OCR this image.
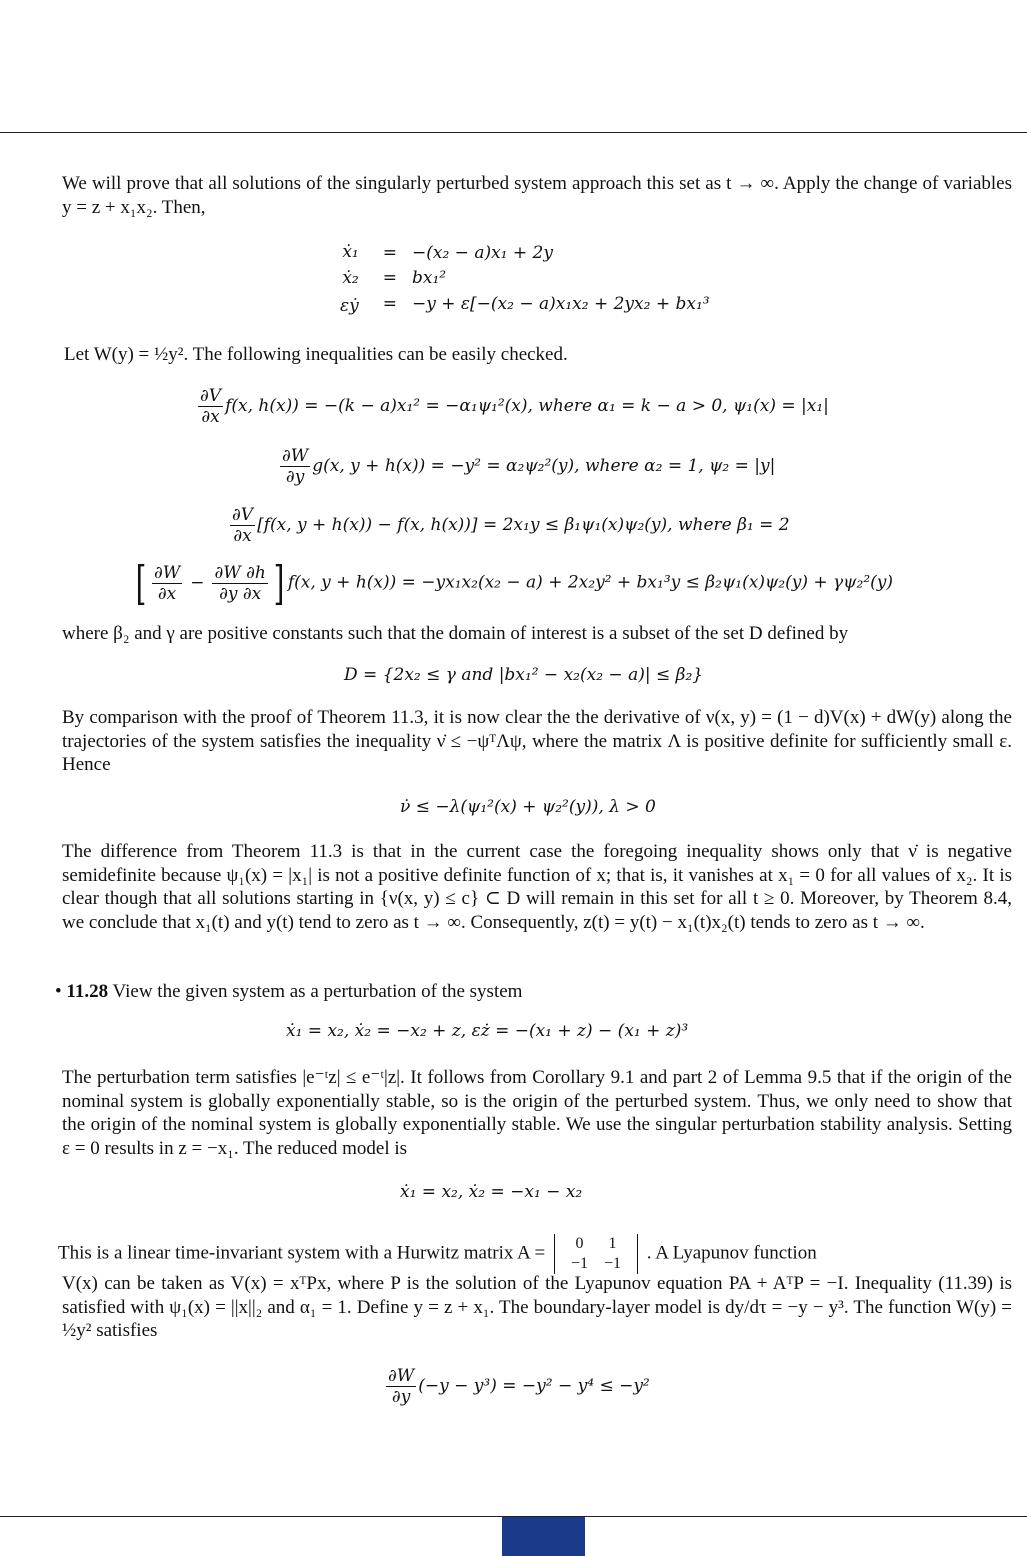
We will prove that all solutions of the singularly perturbed system approach this set as t → ∞. Apply the change of variables y = z + x₁x₂. Then,
ẋ₁	=	−(x₂ − a)x₁ + 2y
ẋ₂	=	bx₁²
εẏ	=	−y + ε[−(x₂ − a)x₁x₂ + 2yx₂ + bx₁³
Let W(y) = ½y². The following inequalities can be easily checked.
$\frac{\partial V}{\partial x} f(x$, h(x)) = −(k − a)x₁² = −α₁ψ₁²(x), where α₁ = k − a > 0, ψ₁(x) = |x₁|
$\frac{\partial W}{\partial y} g(x$, y + h(x)) = −y² = α₂ψ₂²(y), where α₂ = 1, ψ₂ = |y|
$\frac{\partial V}{\partial x} [f(x$, y + h(x)) − f(x, h(x))] = 2x₁y ≤ β₁ψ₁(x)ψ₂(y), where β₁ = 2
[ $\frac{\partial W}{\partial x} - \frac{\partial W \partial h}{\partial y \partial x}$ ] f(x, y + h(x)) = −yx₁x₂(x₂ − a) + 2x₂y² + bx₁³y ≤ β₂ψ₁(x)ψ₂(y) + γψ₂²(y)
where β₂ and γ are positive constants such that the domain of interest is a subset of the set D defined by
D = {2x₂ ≤ γ and |bx₁² − x₂(x₂ − a)| ≤ β₂}
By comparison with the proof of Theorem 11.3, it is now clear the the derivative of ν(x, y) = (1 − d)V(x) + dW(y) along the trajectories of the system satisfies the inequality ν̇ ≤ −ψᵀΛψ, where the matrix Λ is positive definite for sufficiently small ε. Hence
ν̇ ≤ −λ(ψ₁²(x) + ψ₂²(y)), λ > 0
The difference from Theorem 11.3 is that in the current case the foregoing inequality shows only that ν̇ is negative semidefinite because ψ₁(x) = |x₁| is not a positive definite function of x; that is, it vanishes at x₁ = 0 for all values of x₂. It is clear though that all solutions starting in {ν(x, y) ≤ c} ⊂ D will remain in this set for all t ≥ 0. Moreover, by Theorem 8.4, we conclude that x₁(t) and y(t) tend to zero as t → ∞. Consequently, z(t) = y(t) − x₁(t)x₂(t) tends to zero as t → ∞.
• 11.28 View the given system as a perturbation of the system
ẋ₁ = x₂, ẋ₂ = −x₂ + z, εż = −(x₁ + z) − (x₁ + z)³
The perturbation term satisfies |e⁻ᵗz| ≤ e⁻ᵗ|z|. It follows from Corollary 9.1 and part 2 of Lemma 9.5 that if the origin of the nominal system is globally exponentially stable, so is the origin of the perturbed system. Thus, we only need to show that the origin of the nominal system is globally exponentially stable. We use the singular perturbation stability analysis. Setting ε = 0 results in z = −x₁. The reduced model is
ẋ₁ = x₂, ẋ₂ = −x₁ − x₂
This is a linear time-invariant system with a Hurwitz matrix A = 0	1
−1	−1
. A Lyapunov function
V(x) can be taken as V(x) = xᵀPx, where P is the solution of the Lyapunov equation PA + AᵀP = −I. Inequality (11.39) is satisfied with ψ₁(x) = ||x||₂ and α₁ = 1. Define y = z + x₁. The boundary-layer model is dy/dτ = −y − y³. The function W(y) = ½y² satisfies
$\frac{\partial W}{\partial y} (-y - y^3) = -y^2 - y^4 \le -y^2$
